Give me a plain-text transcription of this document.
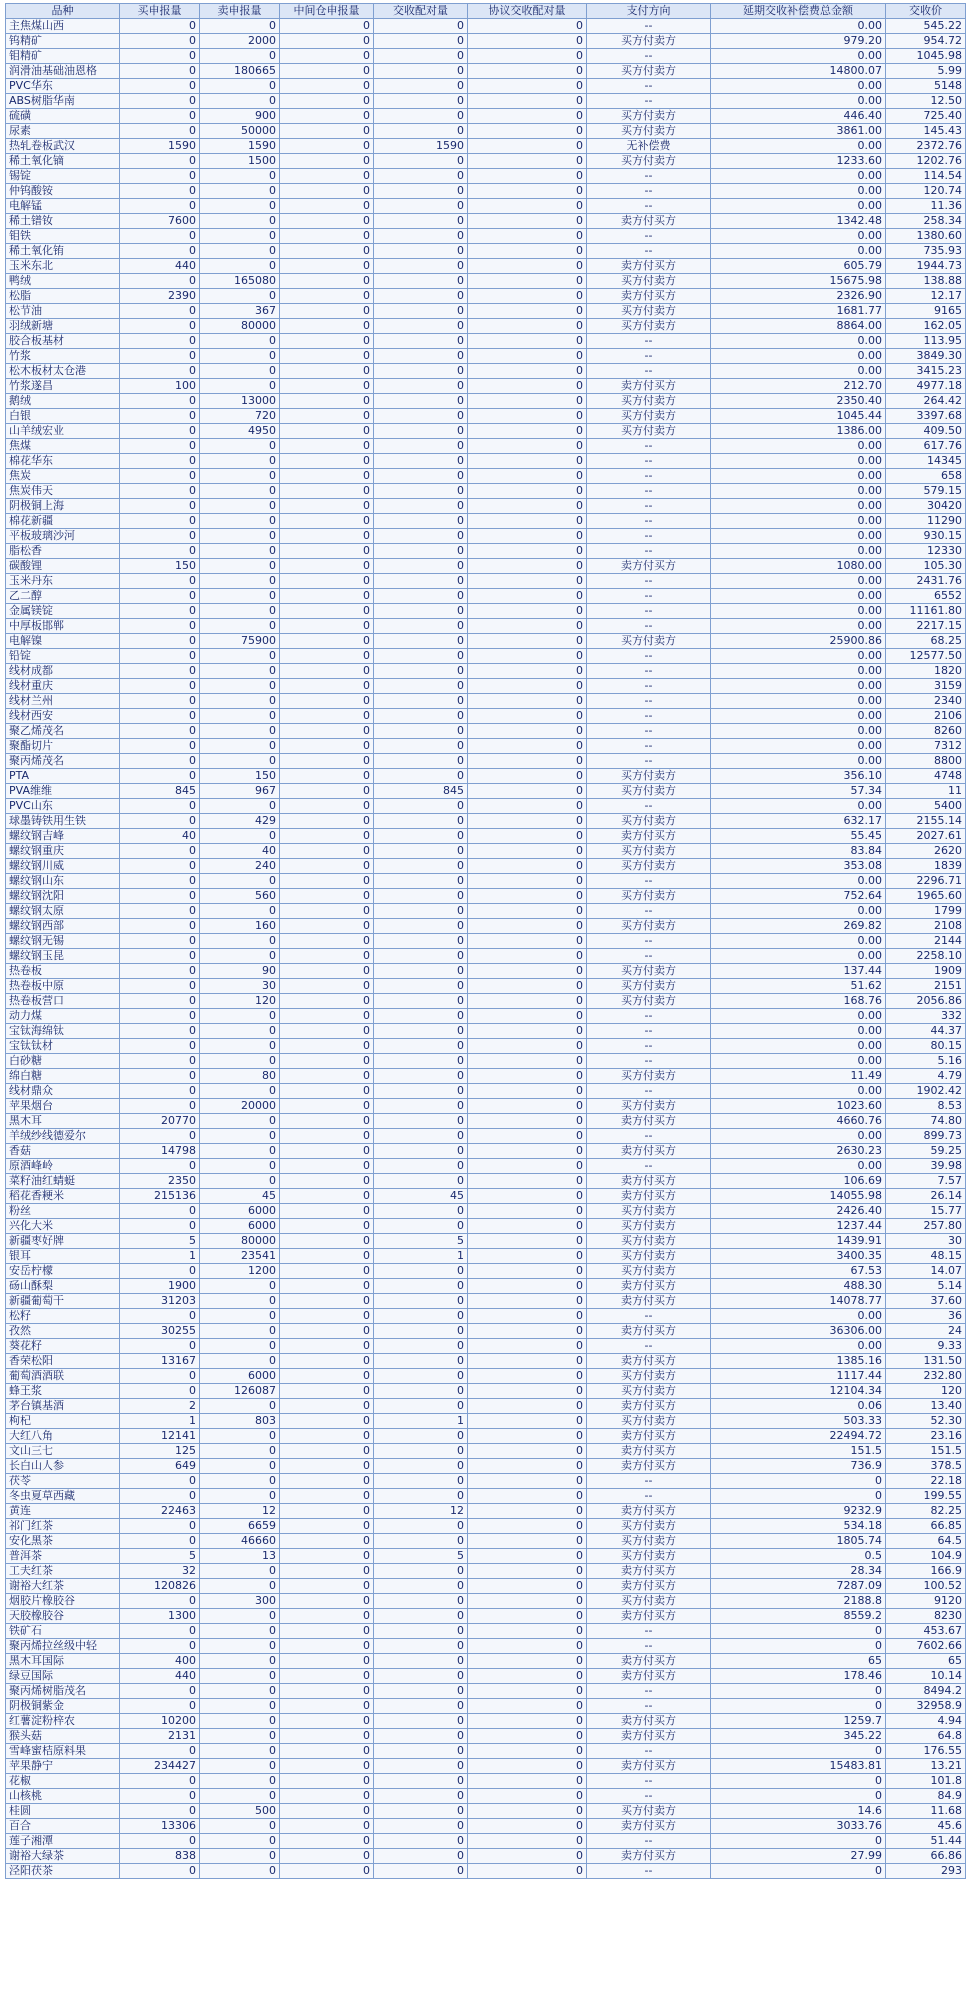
品种	买申报量	卖申报量	中间仓申报量	交收配对量	协议交收配对量	支付方向	延期交收补偿费总金额	交收价
主焦煤山西	0	0	0	0	0	--	0.00	545.22
钨精矿	0	2000	0	0	0	买方付卖方	979.20	954.72
钼精矿	0	0	0	0	0	--	0.00	1045.98
润滑油基础油恩格	0	180665	0	0	0	买方付卖方	14800.07	5.99
PVC华东	0	0	0	0	0	--	0.00	5148
ABS树脂华南	0	0	0	0	0	--	0.00	12.50
硫磺	0	900	0	0	0	买方付卖方	446.40	725.40
尿素	0	50000	0	0	0	买方付卖方	3861.00	145.43
热轧卷板武汉	1590	1590	0	1590	0	无补偿费	0.00	2372.76
稀土氧化镝	0	1500	0	0	0	买方付卖方	1233.60	1202.76
锡锭	0	0	0	0	0	--	0.00	114.54
仲钨酸铵	0	0	0	0	0	--	0.00	120.74
电解锰	0	0	0	0	0	--	0.00	11.36
稀土镨钕	7600	0	0	0	0	卖方付买方	1342.48	258.34
钼铁	0	0	0	0	0	--	0.00	1380.60
稀土氧化铕	0	0	0	0	0	--	0.00	735.93
玉米东北	440	0	0	0	0	卖方付买方	605.79	1944.73
鸭绒	0	165080	0	0	0	买方付卖方	15675.98	138.88
松脂	2390	0	0	0	0	卖方付买方	2326.90	12.17
松节油	0	367	0	0	0	买方付卖方	1681.77	9165
羽绒新塘	0	80000	0	0	0	买方付卖方	8864.00	162.05
胶合板基材	0	0	0	0	0	--	0.00	113.95
竹浆	0	0	0	0	0	--	0.00	3849.30
松木板材太仓港	0	0	0	0	0	--	0.00	3415.23
竹浆遂昌	100	0	0	0	0	卖方付买方	212.70	4977.18
鹅绒	0	13000	0	0	0	买方付卖方	2350.40	264.42
白银	0	720	0	0	0	买方付卖方	1045.44	3397.68
山羊绒宏业	0	4950	0	0	0	买方付卖方	1386.00	409.50
焦煤	0	0	0	0	0	--	0.00	617.76
棉花华东	0	0	0	0	0	--	0.00	14345
焦炭	0	0	0	0	0	--	0.00	658
焦炭伟天	0	0	0	0	0	--	0.00	579.15
阴极铜上海	0	0	0	0	0	--	0.00	30420
棉花新疆	0	0	0	0	0	--	0.00	11290
平板玻璃沙河	0	0	0	0	0	--	0.00	930.15
脂松香	0	0	0	0	0	--	0.00	12330
碳酸锂	150	0	0	0	0	卖方付买方	1080.00	105.30
玉米丹东	0	0	0	0	0	--	0.00	2431.76
乙二醇	0	0	0	0	0	--	0.00	6552
金属镁锭	0	0	0	0	0	--	0.00	11161.80
中厚板邯郸	0	0	0	0	0	--	0.00	2217.15
电解镍	0	75900	0	0	0	买方付卖方	25900.86	68.25
铅锭	0	0	0	0	0	--	0.00	12577.50
线材成都	0	0	0	0	0	--	0.00	1820
线材重庆	0	0	0	0	0	--	0.00	3159
线材兰州	0	0	0	0	0	--	0.00	2340
线材西安	0	0	0	0	0	--	0.00	2106
聚乙烯茂名	0	0	0	0	0	--	0.00	8260
聚酯切片	0	0	0	0	0	--	0.00	7312
聚丙烯茂名	0	0	0	0	0	--	0.00	8800
PTA	0	150	0	0	0	买方付卖方	356.10	4748
PVA维维	845	967	0	845	0	买方付卖方	57.34	11
PVC山东	0	0	0	0	0	--	0.00	5400
球墨铸铁用生铁	0	429	0	0	0	买方付卖方	632.17	2155.14
螺纹钢吉峰	40	0	0	0	0	卖方付买方	55.45	2027.61
螺纹钢重庆	0	40	0	0	0	买方付卖方	83.84	2620
螺纹钢川威	0	240	0	0	0	买方付卖方	353.08	1839
螺纹钢山东	0	0	0	0	0	--	0.00	2296.71
螺纹钢沈阳	0	560	0	0	0	买方付卖方	752.64	1965.60
螺纹钢太原	0	0	0	0	0	--	0.00	1799
螺纹钢西部	0	160	0	0	0	买方付卖方	269.82	2108
螺纹钢无锡	0	0	0	0	0	--	0.00	2144
螺纹钢玉昆	0	0	0	0	0	--	0.00	2258.10
热卷板	0	90	0	0	0	买方付卖方	137.44	1909
热卷板中原	0	30	0	0	0	买方付卖方	51.62	2151
热卷板营口	0	120	0	0	0	买方付卖方	168.76	2056.86
动力煤	0	0	0	0	0	--	0.00	332
宝钛海绵钛	0	0	0	0	0	--	0.00	44.37
宝钛钛材	0	0	0	0	0	--	0.00	80.15
白砂糖	0	0	0	0	0	--	0.00	5.16
绵白糖	0	80	0	0	0	买方付卖方	11.49	4.79
线材鼎众	0	0	0	0	0	--	0.00	1902.42
苹果烟台	0	20000	0	0	0	买方付卖方	1023.60	8.53
黑木耳	20770	0	0	0	0	卖方付买方	4660.76	74.80
羊绒纱线德爱尔	0	0	0	0	0	--	0.00	899.73
香菇	14798	0	0	0	0	卖方付买方	2630.23	59.25
原酒峰岭	0	0	0	0	0	--	0.00	39.98
菜籽油红蜻蜓	2350	0	0	0	0	卖方付买方	106.69	7.57
稻花香粳米	215136	45	0	45	0	卖方付买方	14055.98	26.14
粉丝	0	6000	0	0	0	买方付卖方	2426.40	15.77
兴化大米	0	6000	0	0	0	买方付卖方	1237.44	257.80
新疆枣好牌	5	80000	0	5	0	买方付卖方	1439.91	30
银耳	1	23541	0	1	0	买方付卖方	3400.35	48.15
安岳柠檬	0	1200	0	0	0	买方付卖方	67.53	14.07
砀山酥梨	1900	0	0	0	0	卖方付买方	488.30	5.14
新疆葡萄干	31203	0	0	0	0	卖方付买方	14078.77	37.60
松籽	0	0	0	0	0	--	0.00	36
孜然	30255	0	0	0	0	卖方付买方	36306.00	24
葵花籽	0	0	0	0	0	--	0.00	9.33
香荣松阳	13167	0	0	0	0	卖方付买方	1385.16	131.50
葡萄酒酒联	0	6000	0	0	0	买方付卖方	1117.44	232.80
蜂王浆	0	126087	0	0	0	买方付卖方	12104.34	120
茅台镇基酒	2	0	0	0	0	卖方付买方	0.06	13.40
枸杞	1	803	0	1	0	买方付卖方	503.33	52.30
大红八角	12141	0	0	0	0	卖方付买方	22494.72	23.16
文山三七	125	0	0	0	0	卖方付买方	151.5	151.5
长白山人参	649	0	0	0	0	卖方付买方	736.9	378.5
茯苓	0	0	0	0	0	--	0	22.18
冬虫夏草西藏	0	0	0	0	0	--	0	199.55
黄连	22463	12	0	12	0	卖方付买方	9232.9	82.25
祁门红茶	0	6659	0	0	0	买方付卖方	534.18	66.85
安化黑茶	0	46660	0	0	0	买方付卖方	1805.74	64.5
普洱茶	5	13	0	5	0	买方付卖方	0.5	104.9
工夫红茶	32	0	0	0	0	卖方付买方	28.34	166.9
谢裕大红茶	120826	0	0	0	0	卖方付买方	7287.09	100.52
烟胶片橡胶谷	0	300	0	0	0	买方付卖方	2188.8	9120
天胶橡胶谷	1300	0	0	0	0	卖方付买方	8559.2	8230
铁矿石	0	0	0	0	0	--	0	453.67
聚丙烯拉丝级中轻	0	0	0	0	0	--	0	7602.66
黑木耳国际	400	0	0	0	0	卖方付买方	65	65
绿豆国际	440	0	0	0	0	卖方付买方	178.46	10.14
聚丙烯树脂茂名	0	0	0	0	0	--	0	8494.2
阴极铜紫金	0	0	0	0	0	--	0	32958.9
红薯淀粉梓农	10200	0	0	0	0	卖方付买方	1259.7	4.94
猴头菇	2131	0	0	0	0	卖方付买方	345.22	64.8
雪峰蜜桔原料果	0	0	0	0	0	--	0	176.55
苹果静宁	234427	0	0	0	0	卖方付买方	15483.81	13.21
花椒	0	0	0	0	0	--	0	101.8
山核桃	0	0	0	0	0	--	0	84.9
桂圆	0	500	0	0	0	买方付卖方	14.6	11.68
百合	13306	0	0	0	0	卖方付买方	3033.76	45.6
莲子湘潭	0	0	0	0	0	--	0	51.44
谢裕大绿茶	838	0	0	0	0	卖方付买方	27.99	66.86
泾阳茯茶	0	0	0	0	0	--	0	293
